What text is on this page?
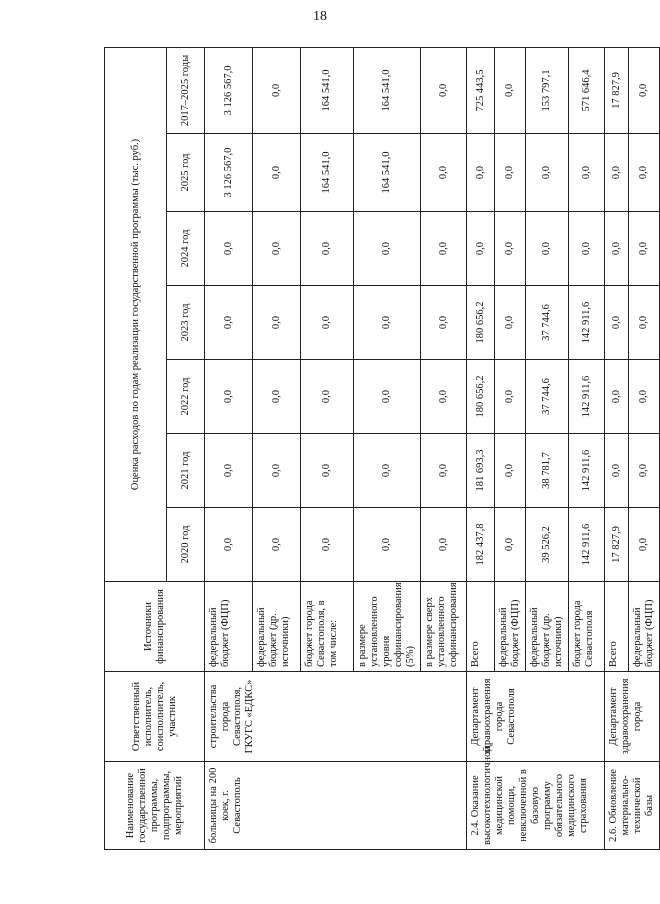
18
Наименование государственной программы, подпрограммы, мероприятий	Ответственный исполнитель, соисполнитель, участник	Источники финансирования	Оценка расходов по годам реализации государственной программы (тыс. руб.)						
			2020 год	2021 год	2022 год	2023 год	2024 год	2025 год	2017–2025 годы
больницы на 200 коек, г. Севастополь	строительства города Севастополя, ГКУГС «ЕДКС»	федеральный бюджет (ФЦП)	0,0	0,0	0,0	0,0	0,0	3 126 567,0	3 126 567,0
		федеральный бюджет (др. источники)	0,0	0,0	0,0	0,0	0,0	0,0	0,0
		бюджет города Севастополя, в том числе:	0,0	0,0	0,0	0,0	0,0	164 541,0	164 541,0
		в размере установленного уровня софинансирования (5%)	0,0	0,0	0,0	0,0	0,0	164 541,0	164 541,0
		в размере сверх установленного софинансирования	0,0	0,0	0,0	0,0	0,0	0,0	0,0
2.4. Оказание высокотехнологичной медицинской помощи, невключенной в базовую программу обязательного медицинского страхования	Департамент здравоохранения города Севастополя	Всего	182 437,8	181 693,3	180 656,2	180 656,2	0,0	0,0	725 443,5
		федеральный бюджет (ФЦП)	0,0	0,0	0,0	0,0	0,0	0,0	0,0
		федеральный бюджет (др. источники)	39 526,2	38 781,7	37 744,6	37 744,6	0,0	0,0	153 797,1
		бюджет города Севастополя	142 911,6	142 911,6	142 911,6	142 911,6	0,0	0,0	571 646,4
2.6. Обновление материально-технической базы	Департамент здравоохранения города	Всего	17 827,9	0,0	0,0	0,0	0,0	0,0	17 827,9
		федеральный бюджет (ФЦП)	0,0	0,0	0,0	0,0	0,0	0,0	0,0
